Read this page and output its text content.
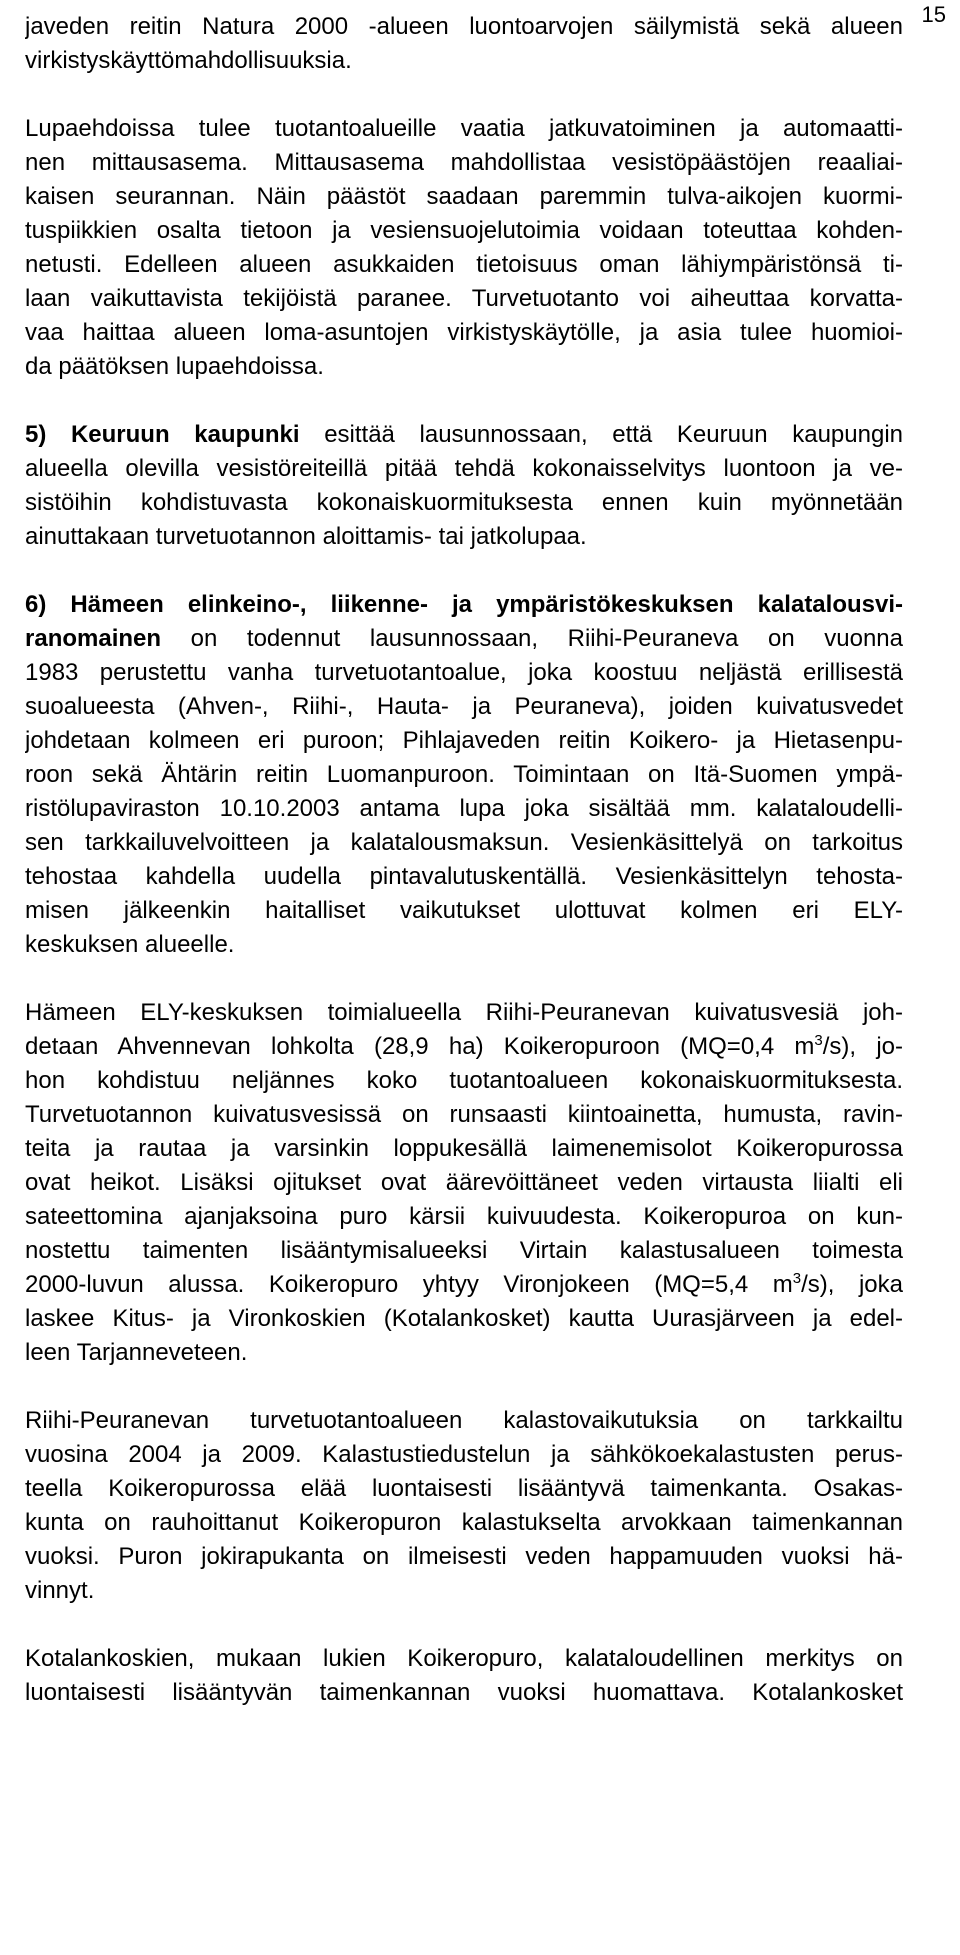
15

javeden reitin Natura 2000 -alueen luontoarvojen säilymistä sekä alueen
virkistyskäyttömahdollisuuksia.

Lupaehdoissa tulee tuotantoalueille vaatia jatkuvatoiminen ja automaatti-
nen mittausasema. Mittausasema mahdollistaa vesistöpäästöjen reaaliai-
kaisen seurannan. Näin päästöt saadaan paremmin tulva-aikojen kuormi-
tuspiikkien osalta tietoon ja vesiensuojelutoimia voidaan toteuttaa kohden-
netusti. Edelleen alueen asukkaiden tietoisuus oman lähiympäristönsä ti-
laan vaikuttavista tekijöistä paranee. Turvetuotanto voi aiheuttaa korvatta-
vaa haittaa alueen loma-asuntojen virkistyskäytölle, ja asia tulee huomioi-
da päätöksen lupaehdoissa.

5) Keuruun kaupunki esittää lausunnossaan, että Keuruun kaupungin
alueella olevilla vesistöreiteillä pitää tehdä kokonaisselvitys luontoon ja ve-
sistöihin kohdistuvasta kokonaiskuormituksesta ennen kuin myönnetään
ainuttakaan turvetuotannon aloittamis- tai jatkolupaa.

6) Hämeen elinkeino-, liikenne- ja ympäristökeskuksen kalatalousvi-
ranomainen on todennut lausunnossaan, Riihi-Peuraneva on vuonna
1983 perustettu vanha turvetuotantoalue, joka koostuu neljästä erillisestä
suoalueesta (Ahven-, Riihi-, Hauta- ja Peuraneva), joiden kuivatusvedet
johdetaan kolmeen eri puroon; Pihlajaveden reitin Koikero- ja Hietasenpu-
roon sekä Ähtärin reitin Luomanpuroon. Toimintaan on Itä-Suomen ympä-
ristölupaviraston 10.10.2003 antama lupa joka sisältää mm. kalataloudelli-
sen tarkkailuvelvoitteen ja kalatalousmaksun. Vesienkäsittelyä on tarkoitus
tehostaa kahdella uudella pintavalutuskentällä. Vesienkäsittelyn tehosta-
misen jälkeenkin haitalliset vaikutukset ulottuvat kolmen eri ELY-
keskuksen alueelle.

Hämeen ELY-keskuksen toimialueella Riihi-Peuranevan kuivatusvesiä joh-
detaan Ahvennevan lohkolta (28,9 ha) Koikeropuroon (MQ=0,4 $m^3/s$), jo-
hon kohdistuu neljännes koko tuotantoalueen kokonaiskuormituksesta.
Turvetuotannon kuivatusvesissä on runsaasti kiintoainetta, humusta, ravin-
teita ja rautaa ja varsinkin loppukesällä laimenemisolot Koikeropurossa
ovat heikot. Lisäksi ojitukset ovat äärevöittäneet veden virtausta liialti eli
sateettomina ajanjaksoina puro kärsii kuivuudesta. Koikeropuroa on kun-
nostettu taimenten lisääntymisalueeksi Virtain kalastusalueen toimesta
2000-luvun alussa. Koikeropuro yhtyy Vironjokeen (MQ=5,4 $m^3/s$), joka
laskee Kitus- ja Vironkoskien (Kotalankosket) kautta Uurasjärveen ja edel-
leen Tarjanneveteen.

Riihi-Peuranevan turvetuotantoalueen kalastovaikutuksia on tarkkailtu
vuosina 2004 ja 2009. Kalastustiedustelun ja sähkökoekalastusten perus-
teella Koikeropurossa elää luontaisesti lisääntyvä taimenkanta. Osakas-
kunta on rauhoittanut Koikeropuron kalastukselta arvokkaan taimenkannan
vuoksi. Puron jokirapukanta on ilmeisesti veden happamuuden vuoksi hä-
vinnyt.

Kotalankoskien, mukaan lukien Koikeropuro, kalataloudellinen merkitys on
luontaisesti lisääntyvän taimenkannan vuoksi huomattava. Kotalankosket
